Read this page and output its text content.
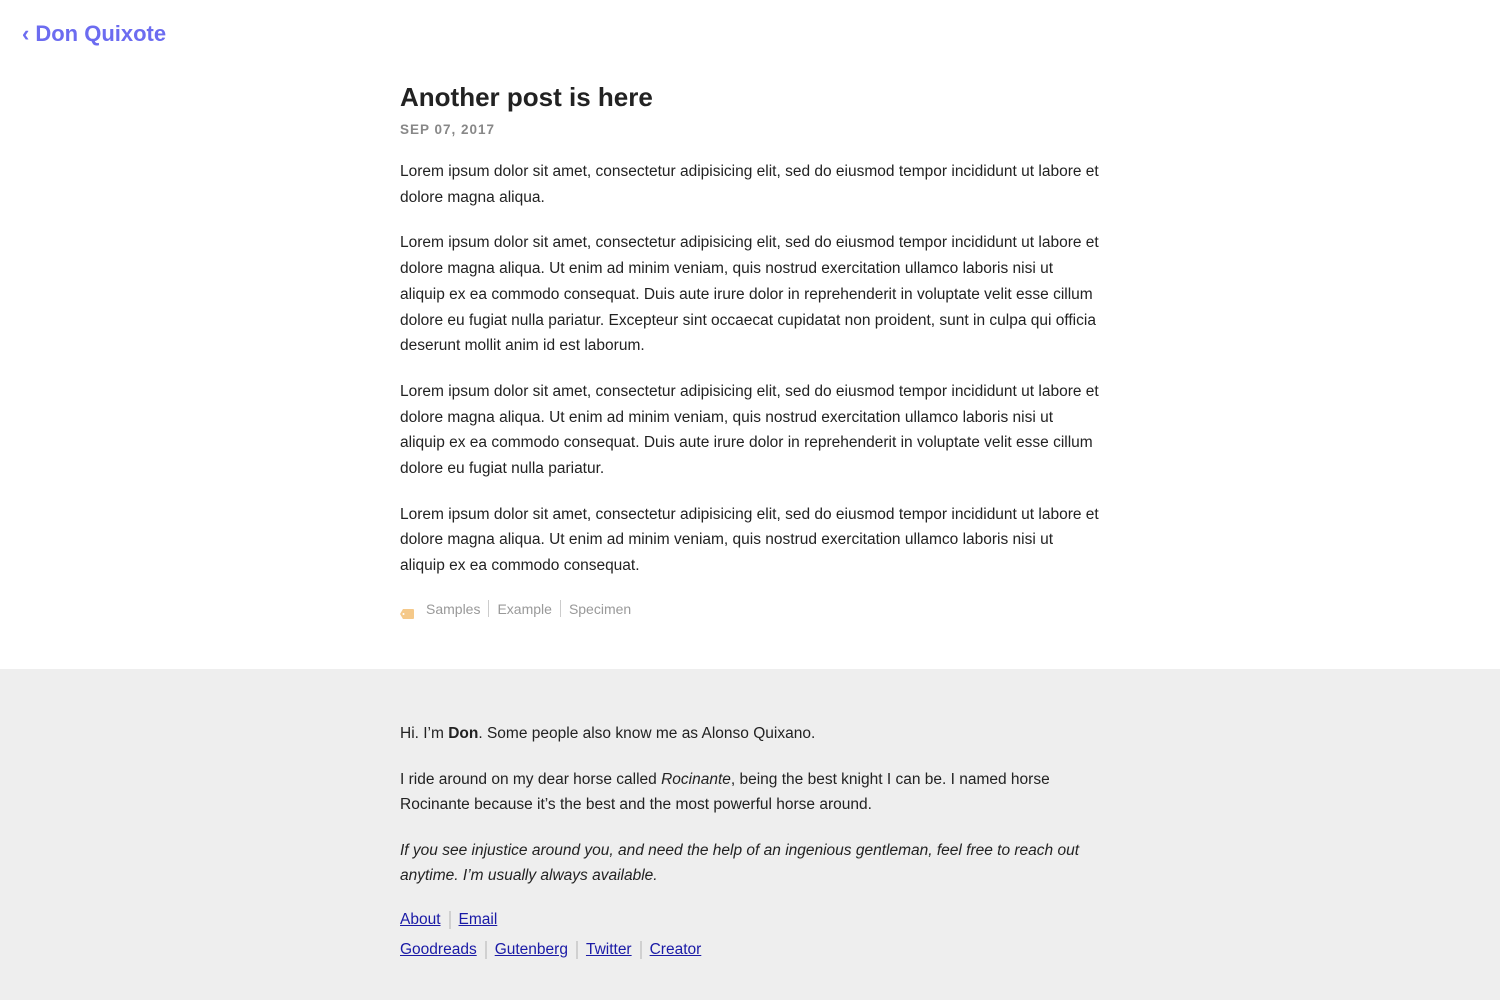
‹ Don Quixote
Another post is here
SEP 07, 2017

Lorem ipsum dolor sit amet, consectetur adipisicing elit, sed do eiusmod tempor incididunt ut labore et dolore magna aliqua.

Lorem ipsum dolor sit amet, consectetur adipisicing elit, sed do eiusmod tempor incididunt ut labore et dolore magna aliqua. Ut enim ad minim veniam, quis nostrud exercitation ullamco laboris nisi ut aliquip ex ea commodo consequat. Duis aute irure dolor in reprehenderit in voluptate velit esse cillum dolore eu fugiat nulla pariatur. Excepteur sint occaecat cupidatat non proident, sunt in culpa qui officia deserunt mollit anim id est laborum.

Lorem ipsum dolor sit amet, consectetur adipisicing elit, sed do eiusmod tempor incididunt ut labore et dolore magna aliqua. Ut enim ad minim veniam, quis nostrud exercitation ullamco laboris nisi ut aliquip ex ea commodo consequat. Duis aute irure dolor in reprehenderit in voluptate velit esse cillum dolore eu fugiat nulla pariatur.

Lorem ipsum dolor sit amet, consectetur adipisicing elit, sed do eiusmod tempor incididunt ut labore et dolore magna aliqua. Ut enim ad minim veniam, quis nostrud exercitation ullamco laboris nisi ut aliquip ex ea commodo consequat.

Samples Example Specimen

Hi. I’m Don. Some people also know me as Alonso Quixano.

I ride around on my dear horse called Rocinante, being the best knight I can be. I named horse Rocinante because it’s the best and the most powerful horse around.

If you see injustice around you, and need the help of an ingenious gentleman, feel free to reach out anytime. I’m usually always available.

About Email
Goodreads Gutenberg Twitter Creator
